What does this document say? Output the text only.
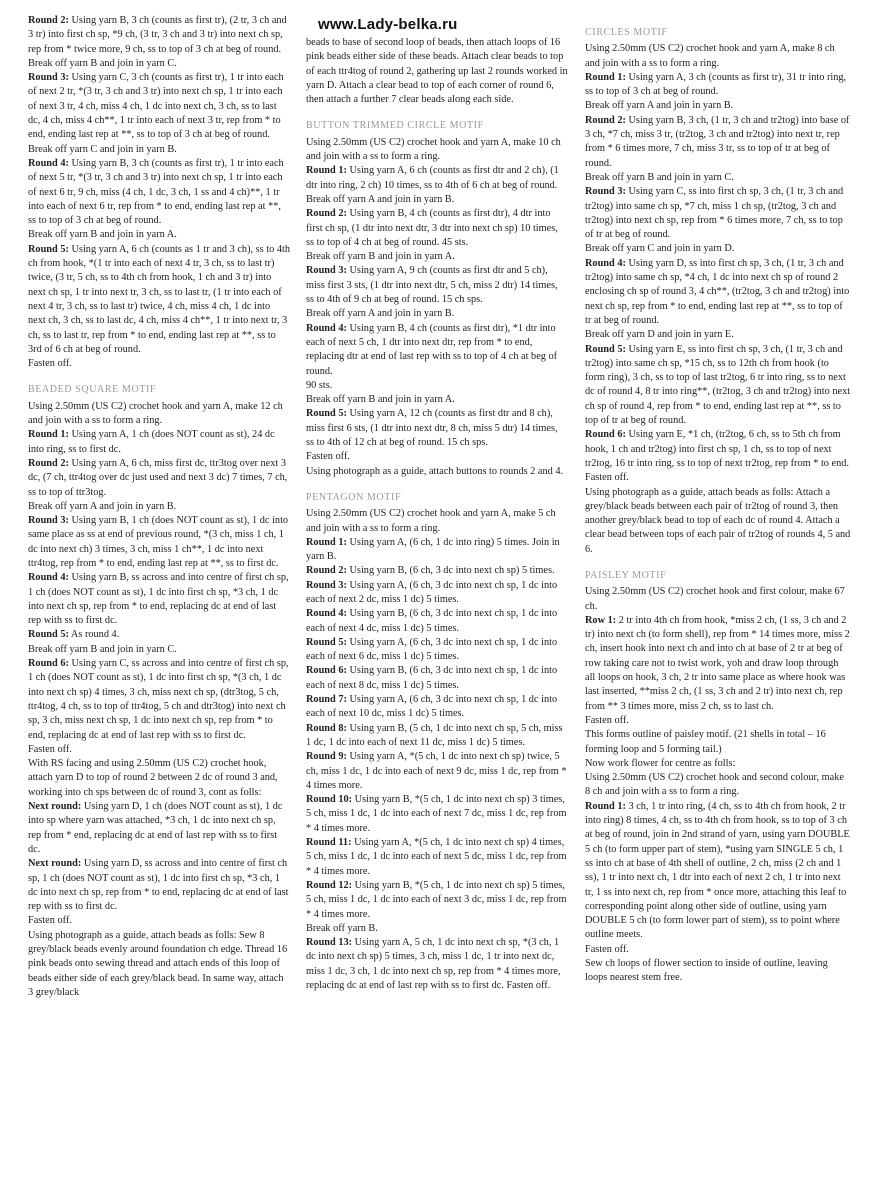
www.Lady-belka.ru

Round 2: Using yarn B, 3 ch (counts as first tr), (2 tr, 3 ch and 3 tr) into first ch sp, *9 ch, (3 tr, 3 ch and 3 tr) into next ch sp, rep from * twice more, 9 ch, ss to top of 3 ch at beg of round.

Break off yarn B and join in yarn C.

Round 3: Using yarn C, 3 ch (counts as first tr), 1 tr into each of next 2 tr, *(3 tr, 3 ch and 3 tr) into next ch sp, 1 tr into each of next 3 tr, 4 ch, miss 4 ch, 1 dc into next ch, 3 ch, ss to last dc, 4 ch, miss 4 ch**, 1 tr into each of next 3 tr, rep from * to end, ending last rep at **, ss to top of 3 ch at beg of round.

Break off yarn C and join in yarn B.

Round 4: Using yarn B, 3 ch (counts as first tr), 1 tr into each of next 5 tr, *(3 tr, 3 ch and 3 tr) into next ch sp, 1 tr into each of next 6 tr, 9 ch, miss (4 ch, 1 dc, 3 ch, 1 ss and 4 ch)**, 1 tr into each of next 6 tr, rep from * to end, ending last rep at **, ss to top of 3 ch at beg of round.

Break off yarn B and join in yarn A.

Round 5: Using yarn A, 6 ch (counts as 1 tr and 3 ch), ss to 4th ch from hook, *(1 tr into each of next 4 tr, 3 ch, ss to last tr) twice, (3 tr, 5 ch, ss to 4th ch from hook, 1 ch and 3 tr) into next ch sp, 1 tr into next tr, 3 ch, ss to last tr, (1 tr into each of next 4 tr, 3 ch, ss to last tr) twice, 4 ch, miss 4 ch, 1 dc into next ch, 3 ch, ss to last dc, 4 ch, miss 4 ch**, 1 tr into next tr, 3 ch, ss to last tr, rep from * to end, ending last rep at **, ss to 3rd of 6 ch at beg of round.

Fasten off.

BEADED SQUARE MOTIF

Using 2.50mm (US C2) crochet hook and yarn A, make 12 ch and join with a ss to form a ring.

Round 1: Using yarn A, 1 ch (does NOT count as st), 24 dc into ring, ss to first dc.

Round 2: Using yarn A, 6 ch, miss first dc, ttr3tog over next 3 dc, (7 ch, ttr4tog over dc just used and next 3 dc) 7 times, 7 ch, ss to top of ttr3tog.

Break off yarn A and join in yarn B.

Round 3: Using yarn B, 1 ch (does NOT count as st), 1 dc into same place as ss at end of previous round, *(3 ch, miss 1 ch, 1 dc into next ch) 3 times, 3 ch, miss 1 ch**, 1 dc into next ttr4tog, rep from * to end, ending last rep at **, ss to first dc.

Round 4: Using yarn B, ss across and into centre of first ch sp, 1 ch (does NOT count as st), 1 dc into first ch sp, *3 ch, 1 dc into next ch sp, rep from * to end, replacing dc at end of last rep with ss to first dc.

Round 5: As round 4.

Break off yarn B and join in yarn C.

Round 6: Using yarn C, ss across and into centre of first ch sp, 1 ch (does NOT count as st), 1 dc into first ch sp, *(3 ch, 1 dc into next ch sp) 4 times, 3 ch, miss next ch sp, (dtr3tog, 5 ch, ttr4tog, 4 ch, ss to top of ttr4tog, 5 ch and dtr3tog) into next ch sp, 3 ch, miss next ch sp, 1 dc into next ch sp, rep from * to end, replacing dc at end of last rep with ss to first dc.

Fasten off.

With RS facing and using 2.50mm (US C2) crochet hook, attach yarn D to top of round 2 between 2 dc of round 3 and, working into ch sps between dc of round 3, cont as folls:

Next round: Using yarn D, 1 ch (does NOT count as st), 1 dc into sp where yarn was attached, *3 ch, 1 dc into next ch sp, rep from * end, replacing dc at end of last rep with ss to first dc.

Next round: Using yarn D, ss across and into centre of first ch sp, 1 ch (does NOT count as st), 1 dc into first ch sp, *3 ch, 1 dc into next ch sp, rep from * to end, replacing dc at end of last rep with ss to first dc.

Fasten off.

Using photograph as a guide, attach beads as folls: Sew 8 grey/black beads evenly around foundation ch edge. Thread 16 pink beads onto sewing thread and attach ends of this loop of beads either side of each grey/black bead. In same way, attach 3 grey/black

beads to base of second loop of beads, then attach loops of 16 pink beads either side of these beads. Attach clear beads to top of each ttr4tog of round 2, gathering up last 2 rounds worked in yarn D. Attach a clear bead to top of each corner of round 6, then attach a further 7 clear beads along each side.

BUTTON TRIMMED CIRCLE MOTIF

Using 2.50mm (US C2) crochet hook and yarn A, make 10 ch and join with a ss to form a ring.

Round 1: Using yarn A, 6 ch (counts as first dtr and 2 ch), (1 dtr into ring, 2 ch) 10 times, ss to 4th of 6 ch at beg of round.

Break off yarn A and join in yarn B.

Round 2: Using yarn B, 4 ch (counts as first dtr), 4 dtr into first ch sp, (1 dtr into next dtr, 3 dtr into next ch sp) 10 times, ss to top of 4 ch at beg of round. 45 sts.

Break off yarn B and join in yarn A.

Round 3: Using yarn A, 9 ch (counts as first dtr and 5 ch), miss first 3 sts, (1 dtr into next dtr, 5 ch, miss 2 dtr) 14 times, ss to 4th of 9 ch at beg of round. 15 ch sps.

Break off yarn A and join in yarn B.

Round 4: Using yarn B, 4 ch (counts as first dtr), *1 dtr into each of next 5 ch, 1 dtr into next dtr, rep from * to end, replacing dtr at end of last rep with ss to top of 4 ch at beg of round.

90 sts.

Break off yarn B and join in yarn A.

Round 5: Using yarn A, 12 ch (counts as first dtr and 8 ch), miss first 6 sts, (1 dtr into next dtr, 8 ch, miss 5 dtr) 14 times, ss to 4th of 12 ch at beg of round. 15 ch sps.

Fasten off.

Using photograph as a guide, attach buttons to rounds 2 and 4.

PENTAGON MOTIF

Using 2.50mm (US C2) crochet hook and yarn A, make 5 ch and join with a ss to form a ring.

Round 1: Using yarn A, (6 ch, 1 dc into ring) 5 times. Join in yarn B.

Round 2: Using yarn B, (6 ch, 3 dc into next ch sp) 5 times.

Round 3: Using yarn A, (6 ch, 3 dc into next ch sp, 1 dc into each of next 2 dc, miss 1 dc) 5 times.

Round 4: Using yarn B, (6 ch, 3 dc into next ch sp, 1 dc into each of next 4 dc, miss 1 dc) 5 times.

Round 5: Using yarn A, (6 ch, 3 dc into next ch sp, 1 dc into each of next 6 dc, miss 1 dc) 5 times.

Round 6: Using yarn B, (6 ch, 3 dc into next ch sp, 1 dc into each of next 8 dc, miss 1 dc) 5 times.

Round 7: Using yarn A, (6 ch, 3 dc into next ch sp, 1 dc into each of next 10 dc, miss 1 dc) 5 times.

Round 8: Using yarn B, (5 ch, 1 dc into next ch sp, 5 ch, miss 1 dc, 1 dc into each of next 11 dc, miss 1 dc) 5 times.

Round 9: Using yarn A, *(5 ch, 1 dc into next ch sp) twice, 5 ch, miss 1 dc, 1 dc into each of next 9 dc, miss 1 dc, rep from * 4 times more.

Round 10: Using yarn B, *(5 ch, 1 dc into next ch sp) 3 times, 5 ch, miss 1 dc, 1 dc into each of next 7 dc, miss 1 dc, rep from * 4 times more.

Round 11: Using yarn A, *(5 ch, 1 dc into next ch sp) 4 times, 5 ch, miss 1 dc, 1 dc into each of next 5 dc, miss 1 dc, rep from * 4 times more.

Round 12: Using yarn B, *(5 ch, 1 dc into next ch sp) 5 times, 5 ch, miss 1 dc, 1 dc into each of next 3 dc, miss 1 dc, rep from * 4 times more.

Break off yarn B.

Round 13: Using yarn A, 5 ch, 1 dc into next ch sp, *(3 ch, 1 dc into next ch sp) 5 times, 3 ch, miss 1 dc, 1 tr into next dc, miss 1 dc, 3 ch, 1 dc into next ch sp, rep from * 4 times more, replacing dc at end of last rep with ss to first dc. Fasten off.

CIRCLES MOTIF

Using 2.50mm (US C2) crochet hook and yarn A, make 8 ch and join with a ss to form a ring.

Round 1: Using yarn A, 3 ch (counts as first tr), 31 tr into ring, ss to top of 3 ch at beg of round.

Break off yarn A and join in yarn B.

Round 2: Using yarn B, 3 ch, (1 tr, 3 ch and tr2tog) into base of 3 ch, *7 ch, miss 3 tr, (tr2tog, 3 ch and tr2tog) into next tr, rep from * 6 times more, 7 ch, miss 3 tr, ss to top of tr at beg of round.

Break off yarn B and join in yarn C.

Round 3: Using yarn C, ss into first ch sp, 3 ch, (1 tr, 3 ch and tr2tog) into same ch sp, *7 ch, miss 1 ch sp, (tr2tog, 3 ch and tr2tog) into next ch sp, rep from * 6 times more, 7 ch, ss to top of tr at beg of round.

Break off yarn C and join in yarn D.

Round 4: Using yarn D, ss into first ch sp, 3 ch, (1 tr, 3 ch and tr2tog) into same ch sp, *4 ch, 1 dc into next ch sp of round 2 enclosing ch sp of round 3, 4 ch**, (tr2tog, 3 ch and tr2tog) into next ch sp, rep from * to end, ending last rep at **, ss to top of tr at beg of round.

Break off yarn D and join in yarn E.

Round 5: Using yarn E, ss into first ch sp, 3 ch, (1 tr, 3 ch and tr2tog) into same ch sp, *15 ch, ss to 12th ch from hook (to form ring), 3 ch, ss to top of last tr2tog, 6 tr into ring, ss to next dc of round 4, 8 tr into ring**, (tr2tog, 3 ch and tr2tog) into next ch sp of round 4, rep from * to end, ending last rep at **, ss to top of tr at beg of round.

Round 6: Using yarn E, *1 ch, (tr2tog, 6 ch, ss to 5th ch from hook, 1 ch and tr2tog) into first ch sp, 1 ch, ss to top of next tr2tog, 16 tr into ring, ss to top of next tr2tog, rep from * to end.

Fasten off.

Using photograph as a guide, attach beads as folls: Attach a grey/black beads between each pair of tr2tog of round 3, then another grey/black bead to top of each dc of round 4. Attach a clear bead between tops of each pair of tr2tog of rounds 4, 5 and 6.

PAISLEY MOTIF

Using 2.50mm (US C2) crochet hook and first colour, make 67 ch.

Row 1: 2 tr into 4th ch from hook, *miss 2 ch, (1 ss, 3 ch and 2 tr) into next ch (to form shell), rep from * 14 times more, miss 2 ch, insert hook into next ch and into ch at base of 2 tr at beg of row taking care not to twist work, yoh and draw loop through all loops on hook, 3 ch, 2 tr into same place as where hook was last inserted, **miss 2 ch, (1 ss, 3 ch and 2 tr) into next ch, rep from ** 3 times more, miss 2 ch, ss to last ch.

Fasten off.

This forms outline of paisley motif. (21 shells in total – 16 forming loop and 5 forming tail.)

Now work flower for centre as folls:

Using 2.50mm (US C2) crochet hook and second colour, make 8 ch and join with a ss to form a ring.

Round 1: 3 ch, 1 tr into ring, (4 ch, ss to 4th ch from hook, 2 tr into ring) 8 times, 4 ch, ss to 4th ch from hook, ss to top of 3 ch at beg of round, join in 2nd strand of yarn, using yarn DOUBLE 5 ch (to form upper part of stem), *using yarn SINGLE 5 ch, 1 ss into ch at base of 4th shell of outline, 2 ch, miss (2 ch and 1 ss), 1 tr into next ch, 1 dtr into each of next 2 ch, 1 tr into next tr, 1 ss into next ch, rep from * once more, attaching this leaf to corresponding point along other side of outline, using yarn DOUBLE 5 ch (to form lower part of stem), ss to point where outline meets.

Fasten off.

Sew ch loops of flower section to inside of outline, leaving loops nearest stem free.
